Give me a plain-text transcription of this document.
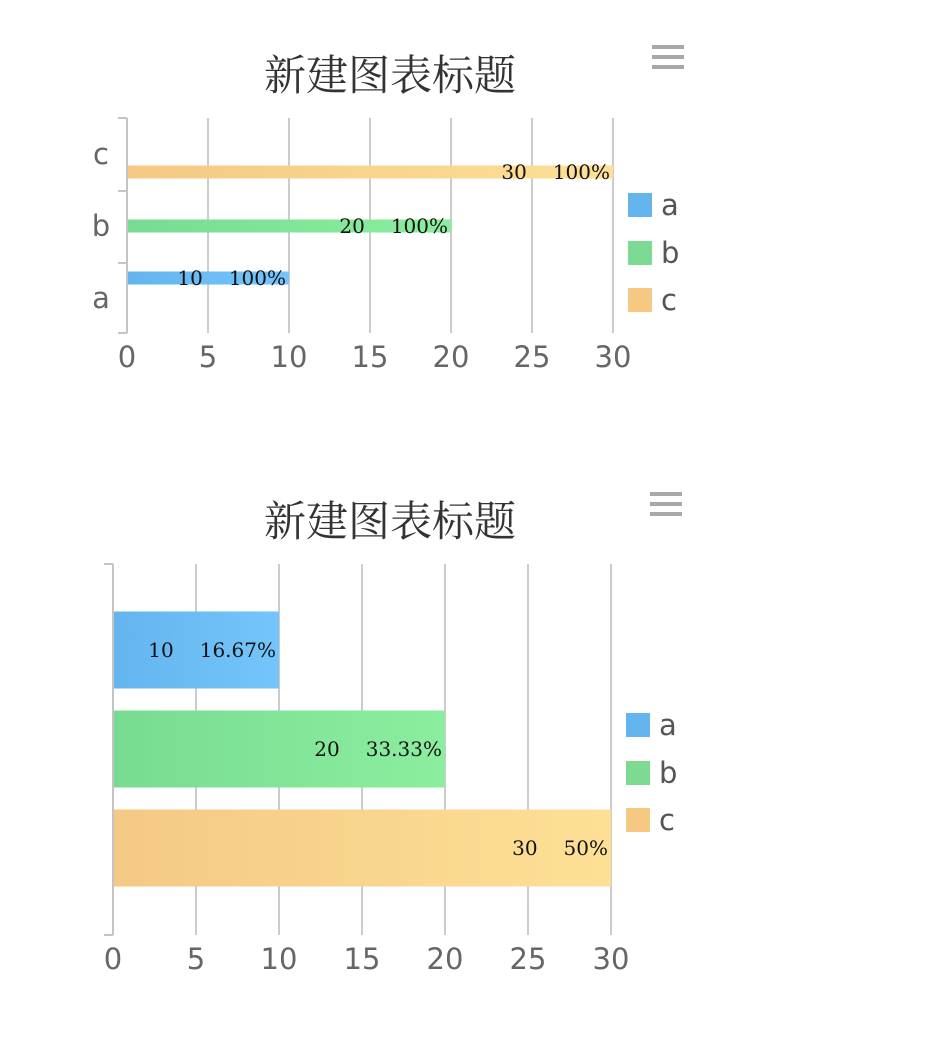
新建图表标题
0 5 10 15 20 25 30
100%
10
100%
20
100%
30
a
b
c
a
b
c
新建图表标题
0 5 10 15 20 25 30
16.67%
10
33.33%
20
50%
30
a
b
c
